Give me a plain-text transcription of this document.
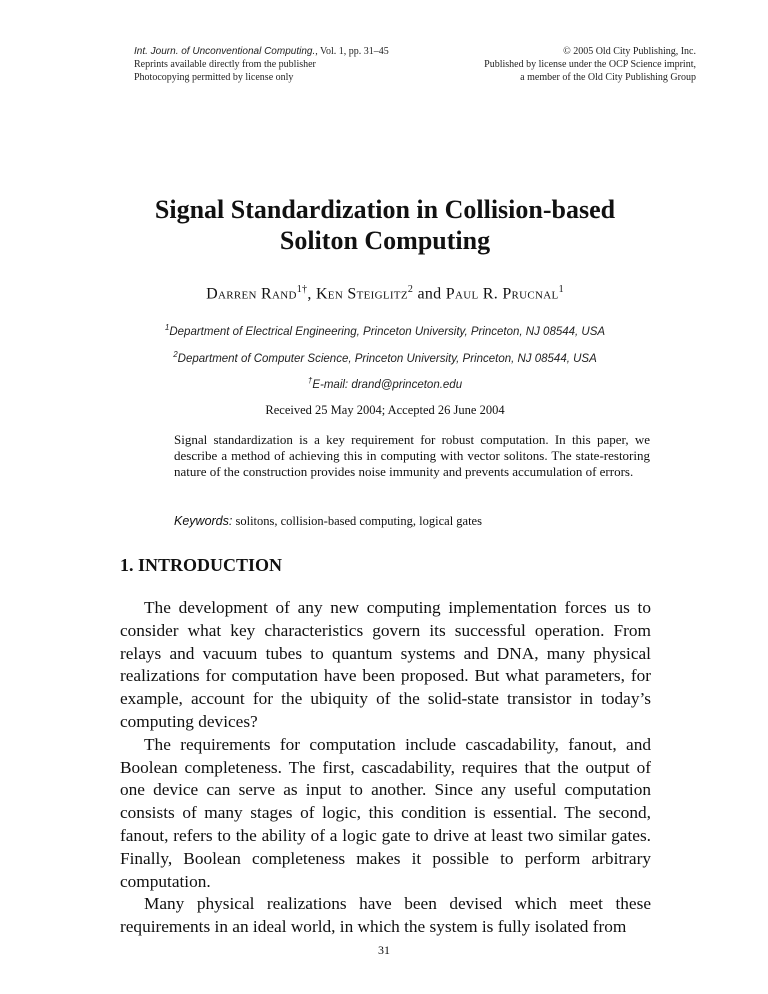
Int. Journ. of Unconventional Computing., Vol. 1, pp. 31–45
Reprints available directly from the publisher
Photocopying permitted by license only
© 2005 Old City Publishing, Inc.
Published by license under the OCP Science imprint,
a member of the Old City Publishing Group
Signal Standardization in Collision-based
Soliton Computing
Darren Rand$^{1\dagger}$, Ken Steiglitz$^2$ and Paul R. Prucnal$^1$
$^1$Department of Electrical Engineering, Princeton University, Princeton, NJ 08544, USA
$^2$Department of Computer Science, Princeton University, Princeton, NJ 08544, USA
†E-mail: drand@princeton.edu
Received 25 May 2004; Accepted 26 June 2004
Signal standardization is a key requirement for robust computation. In this paper, we describe a method of achieving this in computing with vector solitons. The state-restoring nature of the construction provides noise immunity and prevents accumulation of errors.
Keywords: solitons, collision-based computing, logical gates
1. INTRODUCTION

The development of any new computing implementation forces us to consider what key characteristics govern its successful operation. From relays and vacuum tubes to quantum systems and DNA, many physical realizations for computation have been proposed. But what parameters, for example, account for the ubiquity of the solid-state transistor in today’s computing devices?

The requirements for computation include cascadability, fanout, and Boolean completeness. The first, cascadability, requires that the output of one device can serve as input to another. Since any useful computation consists of many stages of logic, this condition is essential. The second, fanout, refers to the ability of a logic gate to drive at least two similar gates. Finally, Boolean completeness makes it possible to perform arbitrary computation.

Many physical realizations have been devised which meet these requirements in an ideal world, in which the system is fully isolated from

31
